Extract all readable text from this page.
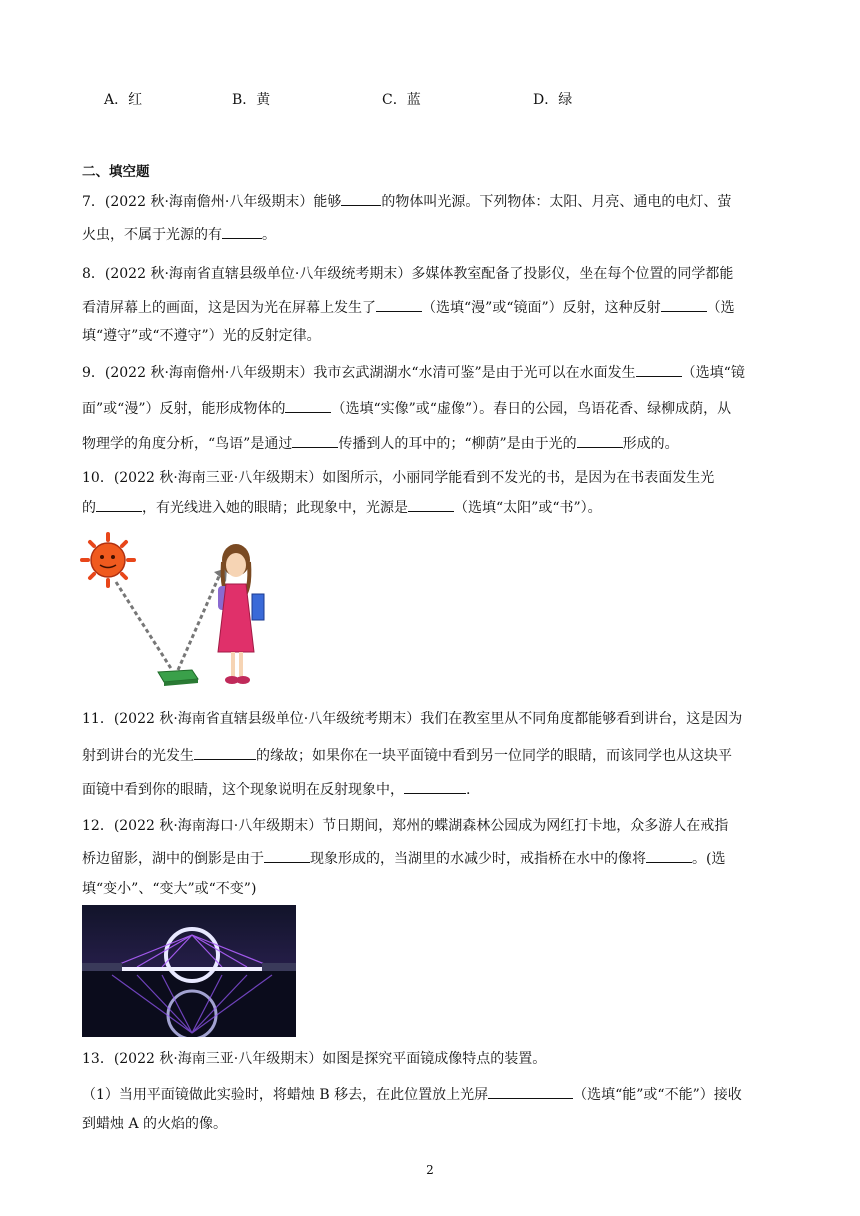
A．红	B．黄	C．蓝	D．绿
二、填空题
7．(2022 秋·海南儋州·八年级期末）能够	的物体叫光源。下列物体：太阳、月亮、通电的电灯、萤
火虫，不属于光源的有	。
8．(2022 秋·海南省直辖县级单位·八年级统考期末）多媒体教室配备了投影仪，坐在每个位置的同学都能
看清屏幕上的画面，这是因为光在屏幕上发生了	（选填“漫”或“镜面”）反射，这种反射	（选
填“遵守”或“不遵守”）光的反射定律。
9．(2022 秋·海南儋州·八年级期末）我市玄武湖湖水“水清可鉴”是由于光可以在水面发生	（选填“镜
面”或“漫”）反射，能形成物体的	（选填“实像”或“虚像”）。春日的公园，鸟语花香、绿柳成荫，从
物理学的角度分析，“鸟语”是通过	传播到人的耳中的；“柳荫”是由于光的	形成的。
10．(2022 秋·海南三亚·八年级期末）如图所示，小丽同学能看到不发光的书，是因为在书表面发生光
的	，有光线进入她的眼睛；此现象中，光源是	（选填“太阳”或“书”）。
11．(2022 秋·海南省直辖县级单位·八年级统考期末）我们在教室里从不同角度都能够看到讲台，这是因为
射到讲台的光发生	的缘故；如果你在一块平面镜中看到另一位同学的眼睛，而该同学也从这块平
面镜中看到你的眼睛，这个现象说明在反射现象中，	.
12．(2022 秋·海南海口·八年级期末）节日期间，郑州的蝶湖森林公园成为网红打卡地，众多游人在戒指
桥边留影，湖中的倒影是由于	现象形成的，当湖里的水减少时，戒指桥在水中的像将	。(选
填“变小”、“变大”或“不变”)
13．(2022 秋·海南三亚·八年级期末）如图是探究平面镜成像特点的装置。
（1）当用平面镜做此实验时，将蜡烛 B 移去，在此位置放上光屏	（选填“能”或“不能”）接收
到蜡烛 A 的火焰的像。
2
